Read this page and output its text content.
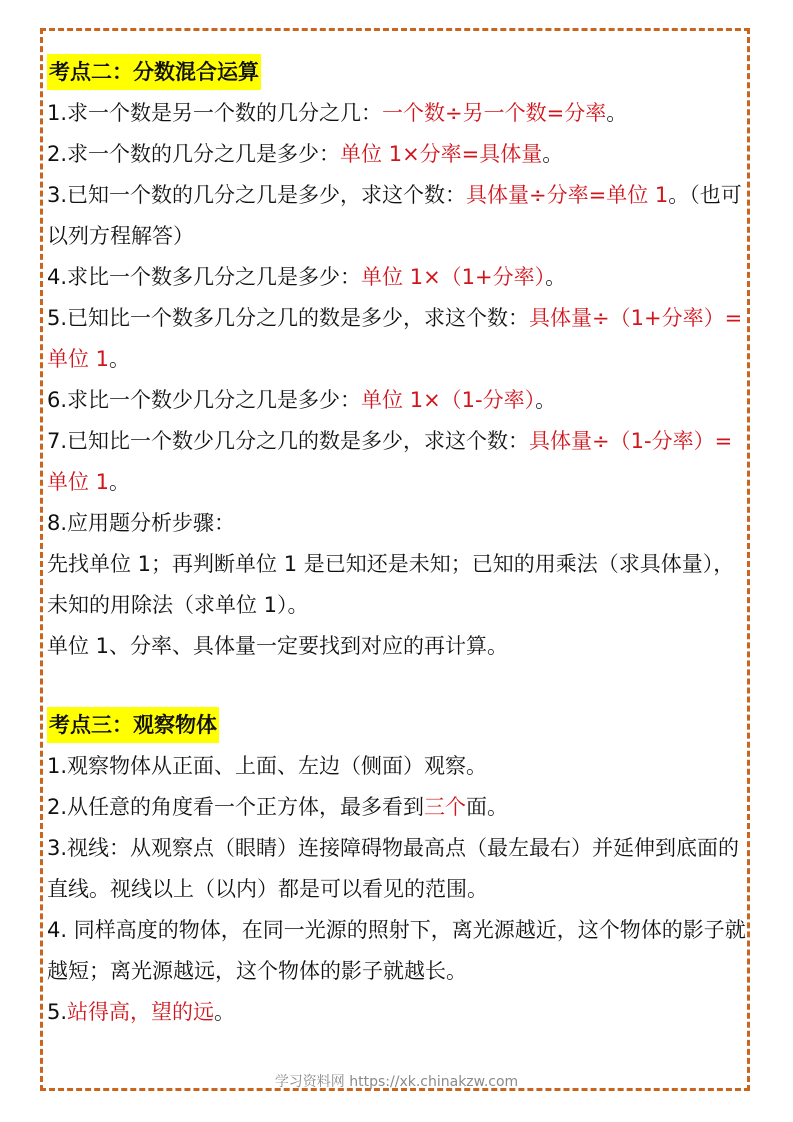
考点二：分数混合运算

1.求一个数是另一个数的几分之几：一个数÷另一个数=分率。

2.求一个数的几分之几是多少：单位 1×分率=具体量。

3.已知一个数的几分之几是多少，求这个数：具体量÷分率=单位 1。（也可以列方程解答）

4.求比一个数多几分之几是多少：单位 1×（1+分率）。

5.已知比一个数多几分之几的数是多少，求这个数：具体量÷（1+分率）=单位 1。

6.求比一个数少几分之几是多少：单位 1×（1-分率）。

7.已知比一个数少几分之几的数是多少，求这个数：具体量÷（1-分率）=单位 1。

8.应用题分析步骤：

先找单位 1；再判断单位 1 是已知还是未知；已知的用乘法（求具体量），未知的用除法（求单位 1）。

单位 1、分率、具体量一定要找到对应的再计算。

考点三：观察物体

1.观察物体从正面、上面、左边（侧面）观察。

2.从任意的角度看一个正方体，最多看到三个面。

3.视线：从观察点（眼睛）连接障碍物最高点（最左最右）并延伸到底面的直线。视线以上（以内）都是可以看见的范围。

4. 同样高度的物体，在同一光源的照射下，离光源越近，这个物体的影子就越短；离光源越远，这个物体的影子就越长。

5.站得高，望的远。

学习资料网 https://xk.chinakzw.com
